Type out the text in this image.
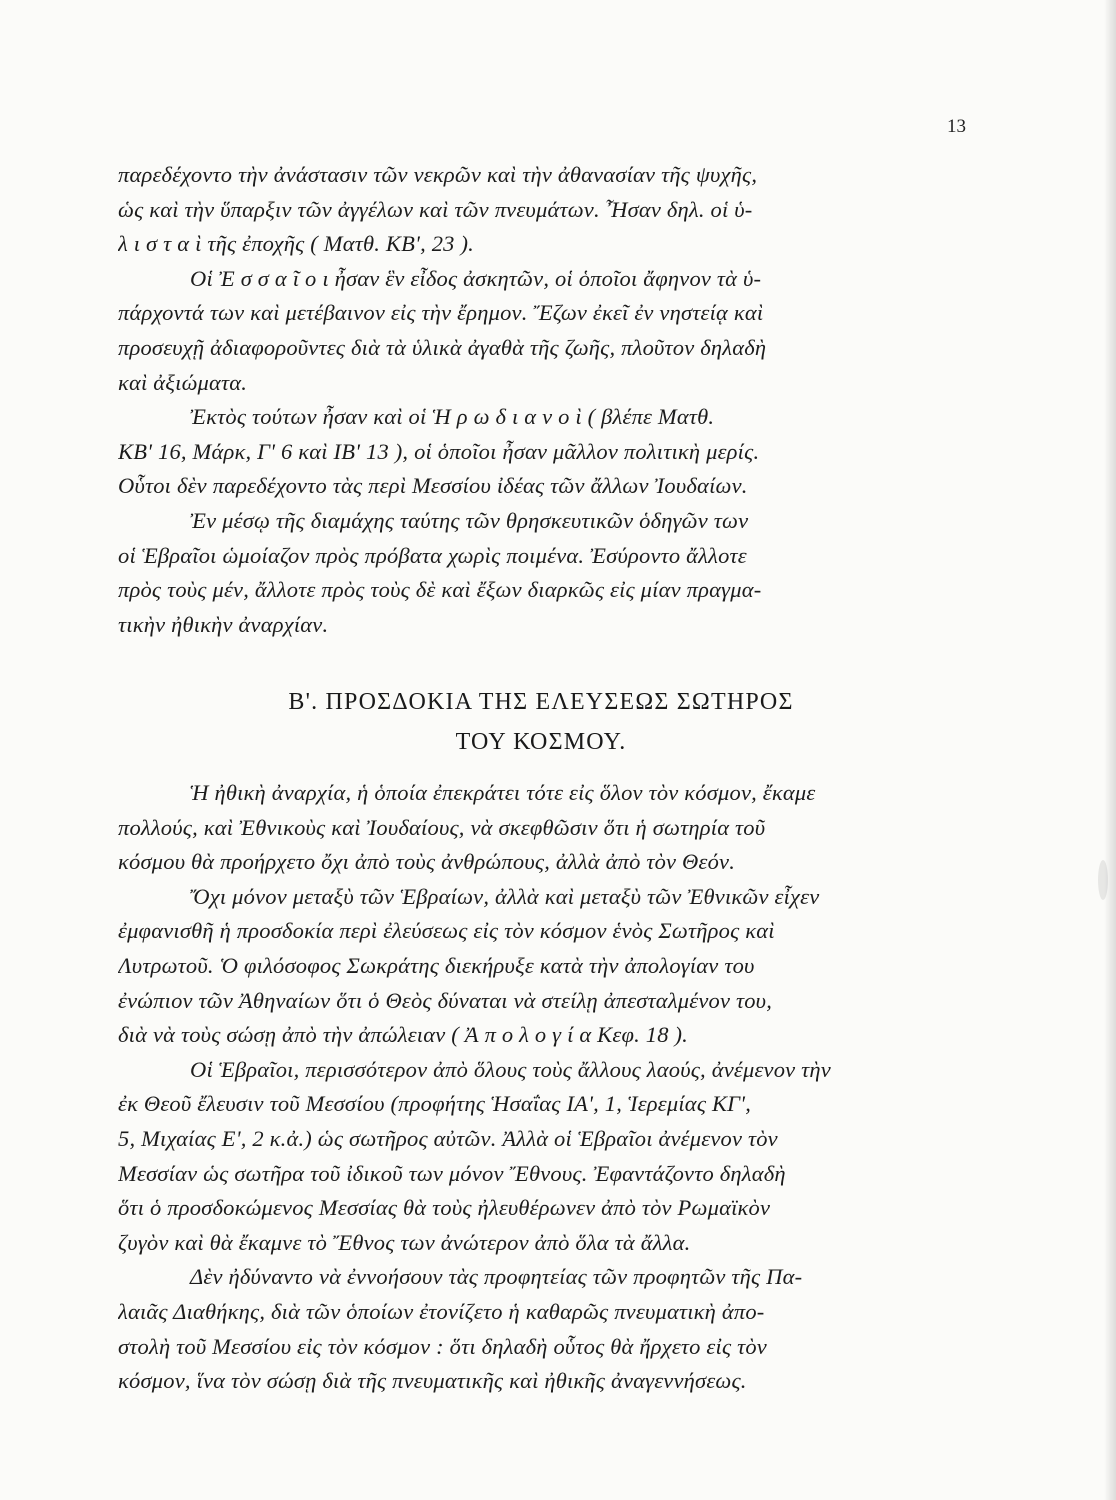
13
παρεδέχοντο τὴν ἀνάστασιν τῶν νεκρῶν καὶ τὴν ἀθανασίαν τῆς ψυχῆς,
ὡς καὶ τὴν ὕπαρξιν τῶν ἀγγέλων καὶ τῶν πνευμάτων. Ἦσαν δηλ. οἱ ὑ-
λ ι σ τ α ὶ τῆς ἐποχῆς ( Ματθ. ΚΒ', 23 ).
Οἱ Ἐ σ σ α ῖ ο ι ἦσαν ἓν εἶδος ἀσκητῶν, οἱ ὁποῖοι ἄφηνον τὰ ὑ-
πάρχοντά των καὶ μετέβαινον εἰς τὴν ἔρημον. Ἔζων ἐκεῖ ἐν νηστείᾳ καὶ
προσευχῇ ἀδιαφοροῦντες διὰ τὰ ὑλικὰ ἀγαθὰ τῆς ζωῆς, πλοῦτον δηλαδὴ
καὶ ἀξιώματα.
Ἐκτὸς τούτων ἦσαν καὶ οἱ Ἡ ρ ω δ ι α ν ο ὶ ( βλέπε Ματθ.
ΚΒ' 16, Μάρκ, Γ' 6 καὶ ΙΒ' 13 ), οἱ ὁποῖοι ἦσαν μᾶλλον πολιτικὴ μερίς.
Οὗτοι δὲν παρεδέχοντο τὰς περὶ Μεσσίου ἰδέας τῶν ἄλλων Ἰουδαίων.
Ἐν μέσῳ τῆς διαμάχης ταύτης τῶν θρησκευτικῶν ὁδηγῶν των
οἱ Ἑβραῖοι ὡμοίαζον πρὸς πρόβατα χωρὶς ποιμένα. Ἐσύροντο ἄλλοτε
πρὸς τοὺς μέν, ἄλλοτε πρὸς τοὺς δὲ καὶ ἔξων διαρκῶς εἰς μίαν πραγμα-
τικὴν ἠθικὴν ἀναρχίαν.
Β'. ΠΡΟΣΔΟΚΙΑ ΤΗΣ ΕΛΕΥΣΕΩΣ ΣΩΤΗΡΟΣ
ΤΟΥ ΚΟΣΜΟΥ.
Ἡ ἠθικὴ ἀναρχία, ἡ ὁποία ἐπεκράτει τότε εἰς ὅλον τὸν κόσμον, ἔκαμε
πολλούς, καὶ Ἐθνικοὺς καὶ Ἰουδαίους, νὰ σκεφθῶσιν ὅτι ἡ σωτηρία τοῦ
κόσμου θὰ προήρχετο ὄχι ἀπὸ τοὺς ἀνθρώπους, ἀλλὰ ἀπὸ τὸν Θεόν.
Ὄχι μόνον μεταξὺ τῶν Ἑβραίων, ἀλλὰ καὶ μεταξὺ τῶν Ἐθνικῶν εἶχεν
ἐμφανισθῆ ἡ προσδοκία περὶ ἐλεύσεως εἰς τὸν κόσμον ἑνὸς Σωτῆρος καὶ
Λυτρωτοῦ. Ὁ φιλόσοφος Σωκράτης διεκήρυξε κατὰ τὴν ἀπολογίαν του
ἐνώπιον τῶν Ἀθηναίων ὅτι ὁ Θεὸς δύναται νὰ στείλῃ ἀπεσταλμένον του,
διὰ νὰ τοὺς σώσῃ ἀπὸ τὴν ἀπώλειαν ( Ἀ π ο λ ο γ ί α Κεφ. 18 ).
Οἱ Ἑβραῖοι, περισσότερον ἀπὸ ὅλους τοὺς ἄλλους λαούς, ἀνέμενον τὴν
ἐκ Θεοῦ ἔλευσιν τοῦ Μεσσίου (προφήτης Ἡσαΐας ΙΑ', 1, Ἱερεμίας ΚΓ',
5, Μιχαίας Ε', 2 κ.ἀ.) ὡς σωτῆρος αὐτῶν. Ἀλλὰ οἱ Ἑβραῖοι ἀνέμενον τὸν
Μεσσίαν ὡς σωτῆρα τοῦ ἰδικοῦ των μόνον Ἔθνους. Ἐφαντάζοντο δηλαδὴ
ὅτι ὁ προσδοκώμενος Μεσσίας θὰ τοὺς ἠλευθέρωνεν ἀπὸ τὸν Ρωμαϊκὸν
ζυγὸν καὶ θὰ ἔκαμνε τὸ Ἔθνος των ἀνώτερον ἀπὸ ὅλα τὰ ἄλλα.
Δὲν ἠδύναντο νὰ ἐννοήσουν τὰς προφητείας τῶν προφητῶν τῆς Πα-
λαιᾶς Διαθήκης, διὰ τῶν ὁποίων ἐτονίζετο ἡ καθαρῶς πνευματικὴ ἀπο-
στολὴ τοῦ Μεσσίου εἰς τὸν κόσμον : ὅτι δηλαδὴ οὗτος θὰ ἤρχετο εἰς τὸν
κόσμον, ἵνα τὸν σώσῃ διὰ τῆς πνευματικῆς καὶ ἠθικῆς ἀναγεννήσεως.
